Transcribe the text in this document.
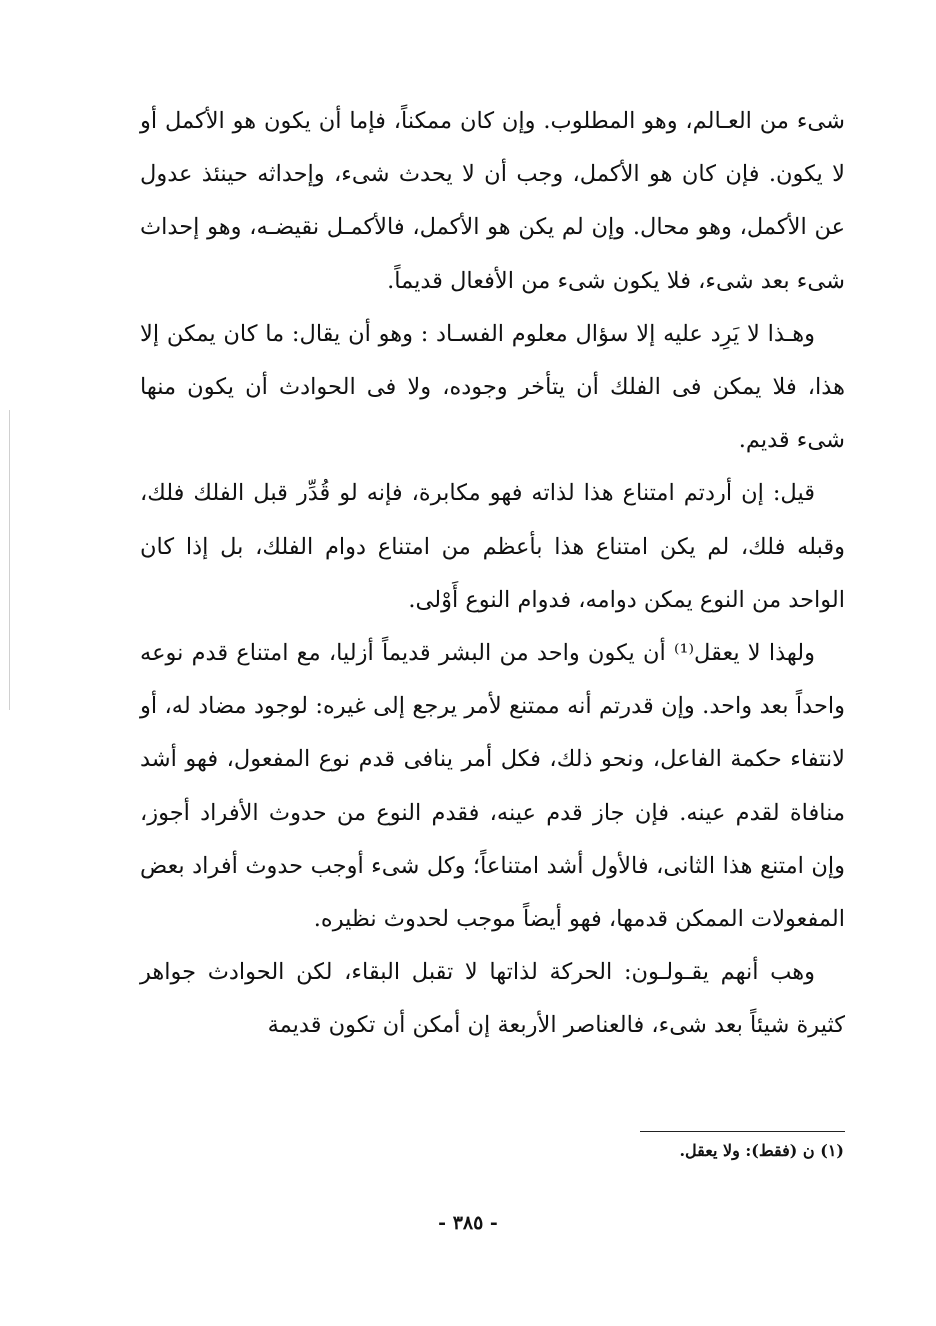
شىء من العـالم، وهو المطلوب. وإن كان ممكناً، فإما أن يكون هو الأكمل أو لا يكون. فإن كان هو الأكمل، وجب أن لا يحدث شىء، وإحداثه حينئذ عدول عن الأكمل، وهو محال. وإن لم يكن هو الأكمل، فالأكمـل نقيضـه، وهو إحداث شىء بعد شىء، فلا يكون شىء من الأفعال قديماً.

وهـذا لا يَرِد عليه إلا سؤال معلوم الفسـاد : وهو أن يقال: ما كان يمكن إلا هذا، فلا يمكن فى الفلك أن يتأخر وجوده، ولا فى الحوادث أن يكون منها شىء قديم.

قيل: إن أردتم امتناع هذا لذاته فهو مكابرة، فإنه لو قُدِّر قبل الفلك فلك، وقبله فلك، لم يكن امتناع هذا بأعظم من امتناع دوام الفلك، بل إذا كان الواحد من النوع يمكن دوامه، فدوام النوع أَوْلى.

ولهذا لا يعقل⁽¹⁾ أن يكون واحد من البشر قديماً أزليا، مع امتناع قدم نوعه واحداً بعد واحد. وإن قدرتم أنه ممتنع لأمر يرجع إلى غيره: لوجود مضاد له، أو لانتفاء حكمة الفاعل، ونحو ذلك، فكل أمر ينافى قدم نوع المفعول، فهو أشد منافاة لقدم عينه. فإن جاز قدم عينه، فقدم النوع من حدوث الأفراد أجوز، وإن امتنع هذا الثانى، فالأول أشد امتناعاً؛ وكل شىء أوجب حدوث أفراد بعض المفعولات الممكن قدمها، فهو أيضاً موجب لحدوث نظيره.

وهب أنهم يقـولـون: الحركة لذاتها لا تقبل البقاء، لكن الحوادث جواهر كثيرة شيئاً بعد شىء، فالعناصر الأربعة إن أمكن أن تكون قديمة

(١) ن (فقط): ولا يعقل.
- ٣٨٥ -
